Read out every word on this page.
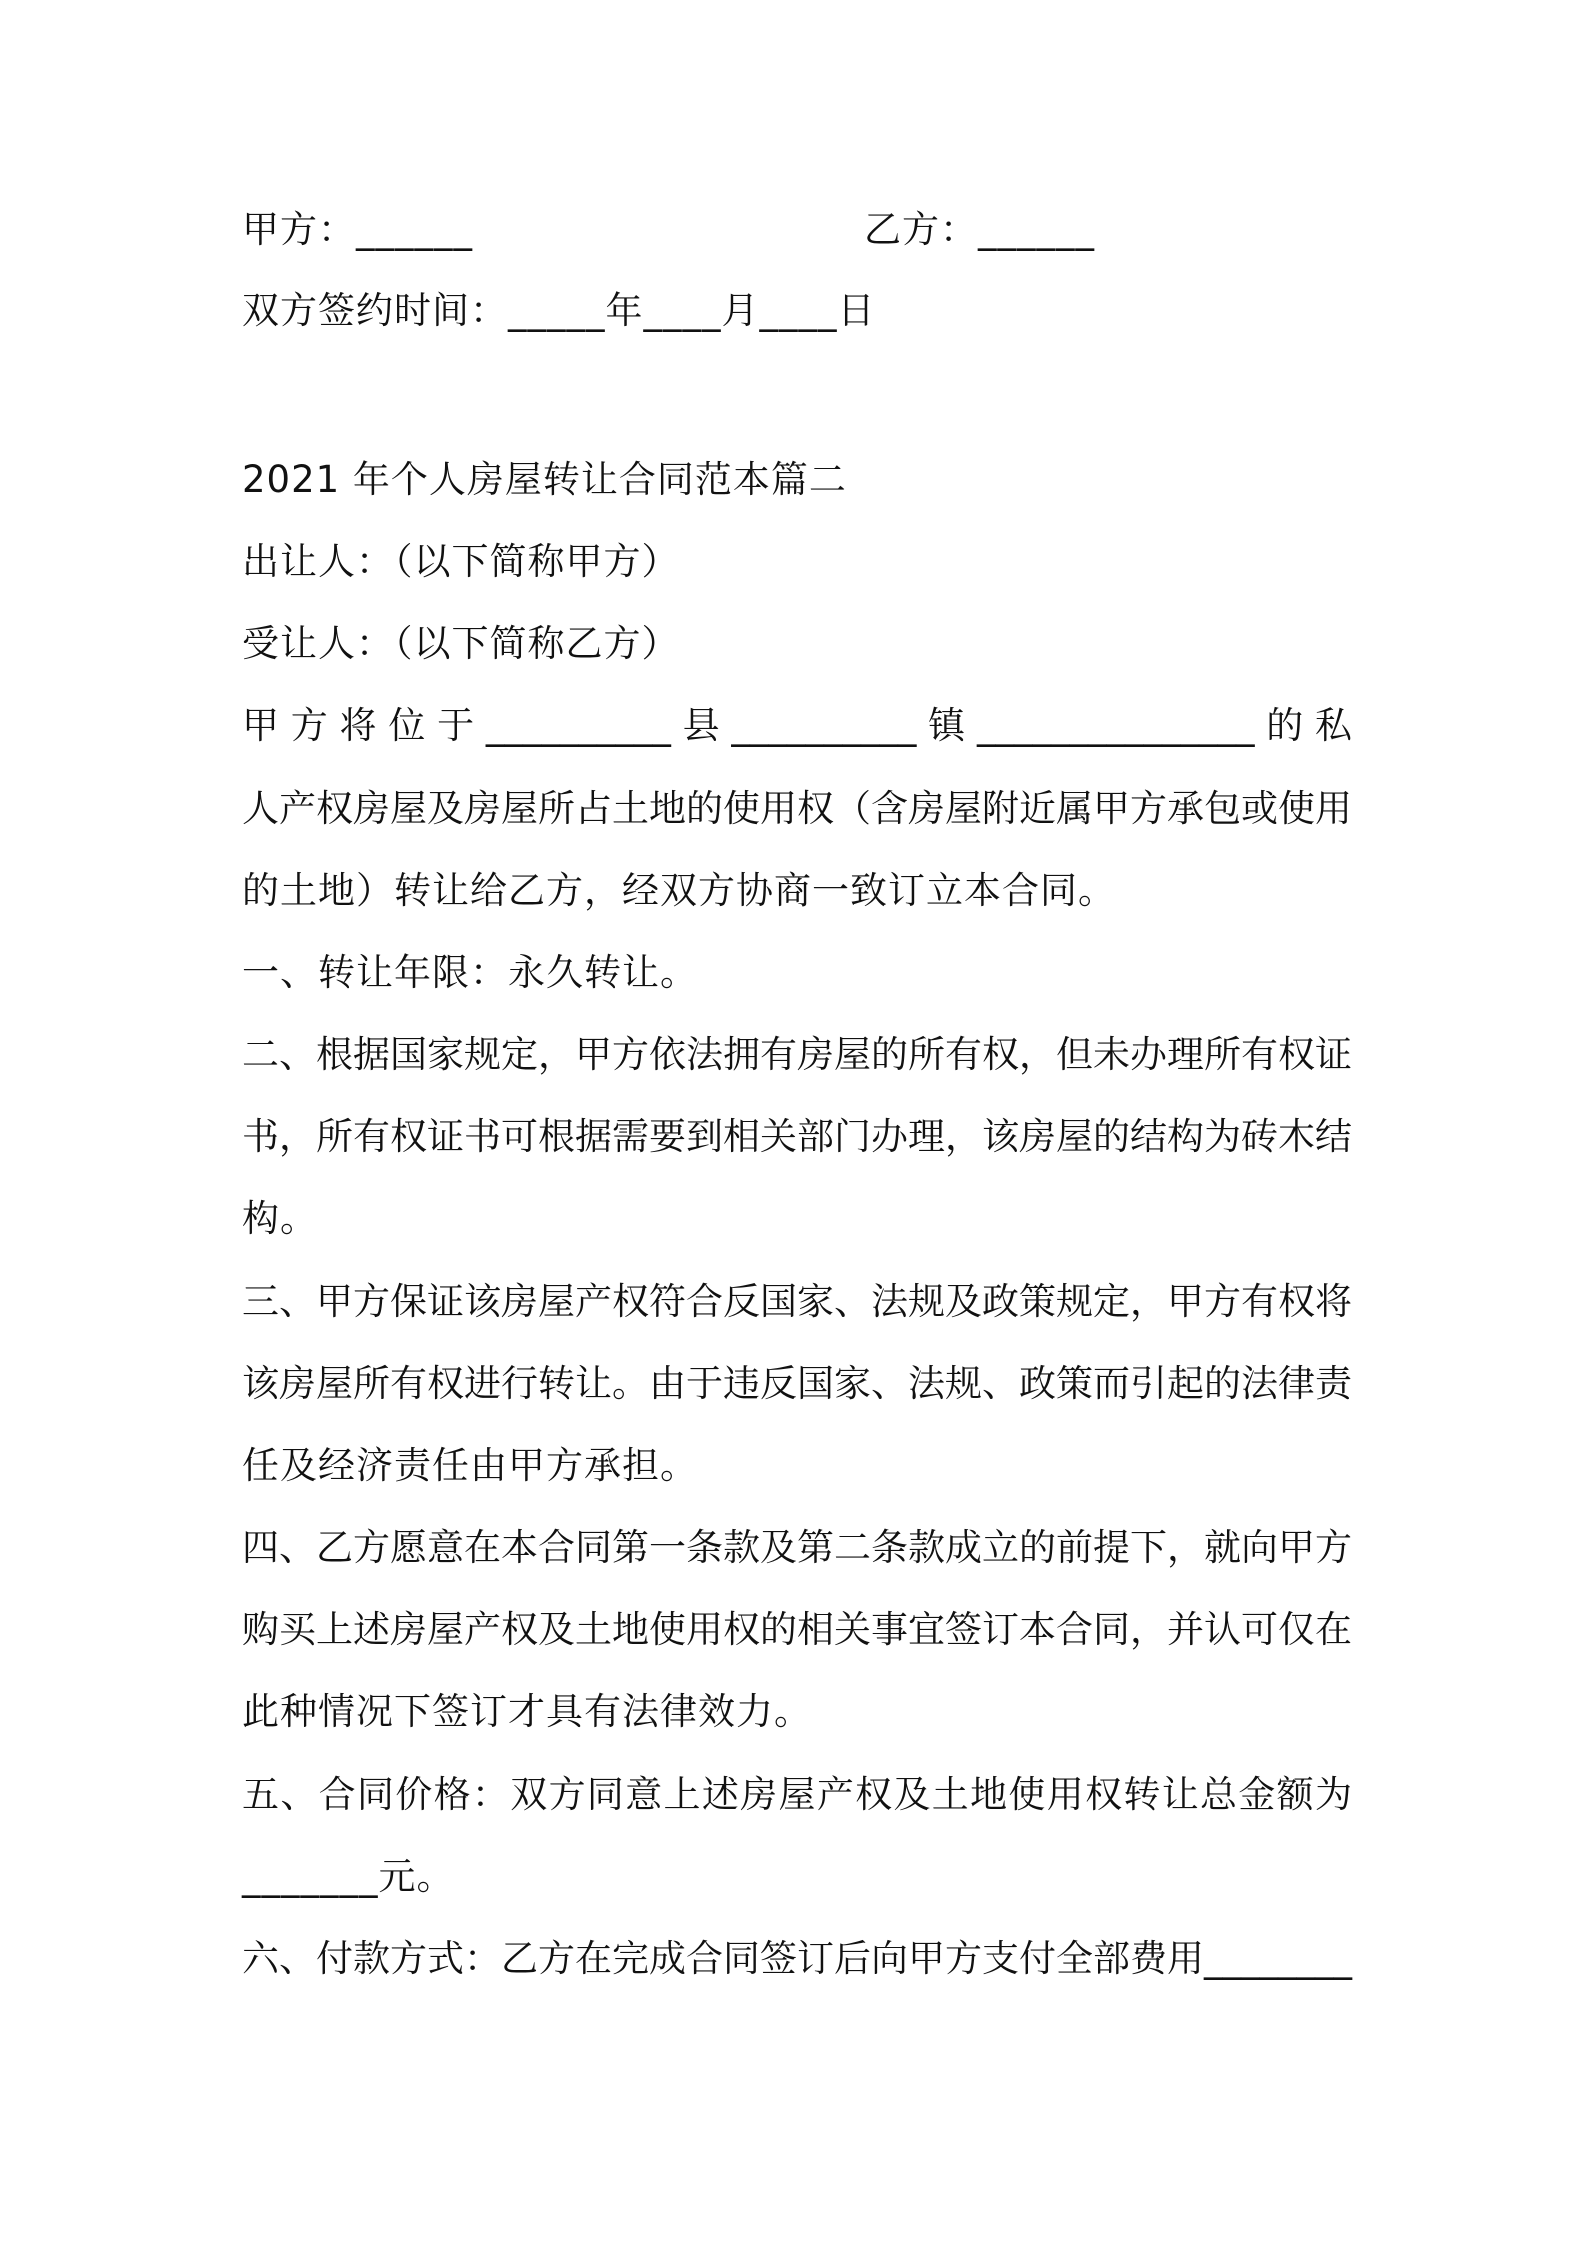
甲方：______	乙方：______
双方签约时间：_____年____月____日
2021 年个人房屋转让合同范本篇二
出让人：（以下简称甲方）
受让人：（以下简称乙方）
甲方将位于__________县__________镇_______________的私
人产权房屋及房屋所占土地的使用权（含房屋附近属甲方承包或使用
的土地）转让给乙方，经双方协商一致订立本合同。
一、转让年限：永久转让。
二、根据国家规定，甲方依法拥有房屋的所有权，但未办理所有权证
书，所有权证书可根据需要到相关部门办理，该房屋的结构为砖木结
构。
三、甲方保证该房屋产权符合反国家、法规及政策规定，甲方有权将
该房屋所有权进行转让。由于违反国家、法规、政策而引起的法律责
任及经济责任由甲方承担。
四、乙方愿意在本合同第一条款及第二条款成立的前提下，就向甲方
购买上述房屋产权及土地使用权的相关事宜签订本合同，并认可仅在
此种情况下签订才具有法律效力。
五、合同价格：双方同意上述房屋产权及土地使用权转让总金额为
_______元。
六、付款方式：乙方在完成合同签订后向甲方支付全部费用________
